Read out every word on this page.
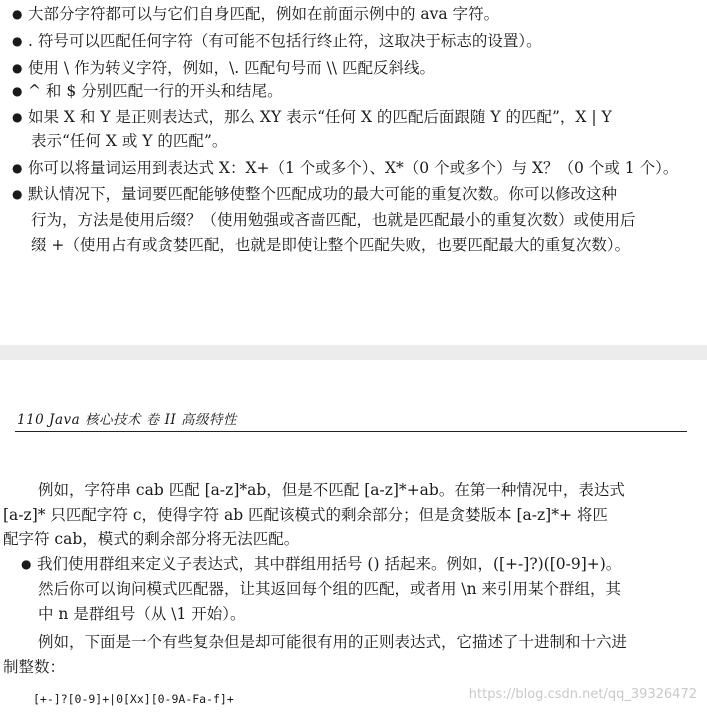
● 大部分字符都可以与它们自身匹配，例如在前面示例中的 ava 字符。
● . 符号可以匹配任何字符（有可能不包括行终止符，这取决于标志的设置）。
● 使用 \ 作为转义字符，例如，\. 匹配句号而 \\ 匹配反斜线。
● ^ 和 $ 分别匹配一行的开头和结尾。
● 如果 X 和 Y 是正则表达式，那么 XY 表示“任何 X 的匹配后面跟随 Y 的匹配”，X | Y
表示“任何 X 或 Y 的匹配”。
● 你可以将量词运用到表达式 X：X+（1 个或多个）、X*（0 个或多个）与 X？（0 个或 1 个）。
● 默认情况下，量词要匹配能够使整个匹配成功的最大可能的重复次数。你可以修改这种
行为，方法是使用后缀？（使用勉强或吝啬匹配，也就是匹配最小的重复次数）或使用后
缀 +（使用占有或贪婪匹配，也就是即使让整个匹配失败，也要匹配最大的重复次数）。
110 Java 核心技术 卷 II 高级特性
例如，字符串 cab 匹配 [a-z]*ab，但是不匹配 [a-z]*+ab。在第一种情况中，表达式
[a-z]* 只匹配字符 c，使得字符 ab 匹配该模式的剩余部分；但是贪婪版本 [a-z]*+ 将匹
配字符 cab，模式的剩余部分将无法匹配。
● 我们使用群组来定义子表达式，其中群组用括号 () 括起来。例如，([+-]?)([0-9]+)。
然后你可以询问模式匹配器，让其返回每个组的匹配，或者用 \n 来引用某个群组，其
中 n 是群组号（从 \1 开始）。
例如，下面是一个有些复杂但是却可能很有用的正则表达式，它描述了十进制和十六进
制整数：
[+-]?[0-9]+|0[Xx][0-9A-Fa-f]+	https://blog.csdn.net/qq_39326472
